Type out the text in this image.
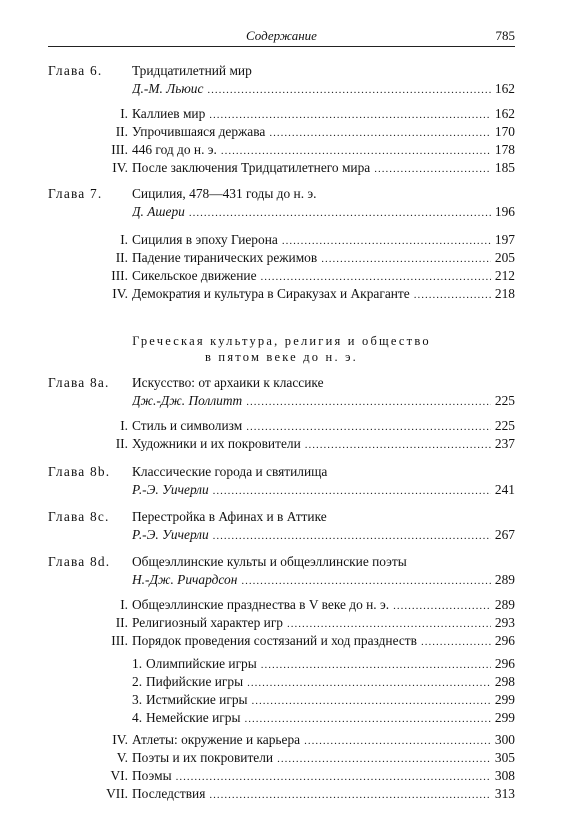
Содержание	785
Греческая культура, религия и общество
в пятом веке до н. э.
Глава 6. Тридцатилетний мир
Д.-М. Льюис .....	162
I. Каллиев мир .....	162
II. Упрочившаяся держава .....	170
III. 446 год до н. э. .....	178
IV. После заключения Тридцатилетнего мира .....	185
Глава 7. Сицилия, 478—431 годы до н. э.
Д. Ашери .....	196
I. Сицилия в эпоху Гиерона .....	197
II. Падение тиранических режимов .....	205
III. Сикельское движение .....	212
IV. Демократия и культура в Сиракузах и Акраганте .....	218
Глава 8a. Искусство: от архаики к классике
Дж.-Дж. Поллитт .....	225
I. Стиль и символизм .....	225
II. Художники и их покровители .....	237
Глава 8b. Классические города и святилища
Р.-Э. Уичерли .....	241
Глава 8c. Перестройка в Афинах и в Аттике
Р.-Э. Уичерли .....	267
Глава 8d. Общеэллинские культы и общеэллинские поэты
Н.-Дж. Ричардсон .....	289
I. Общеэллинские празднества в V веке до н. э. .....	289
II. Религиозный характер игр .....	293
III. Порядок проведения состязаний и ход празднеств .....	296
1. Олимпийские игры .....	296
2. Пифийские игры .....	298
3. Истмийские игры .....	299
4. Немейские игры .....	299
IV. Атлеты: окружение и карьера .....	300
V. Поэты и их покровители .....	305
VI. Поэмы .....	308
VII. Последствия .....	313
